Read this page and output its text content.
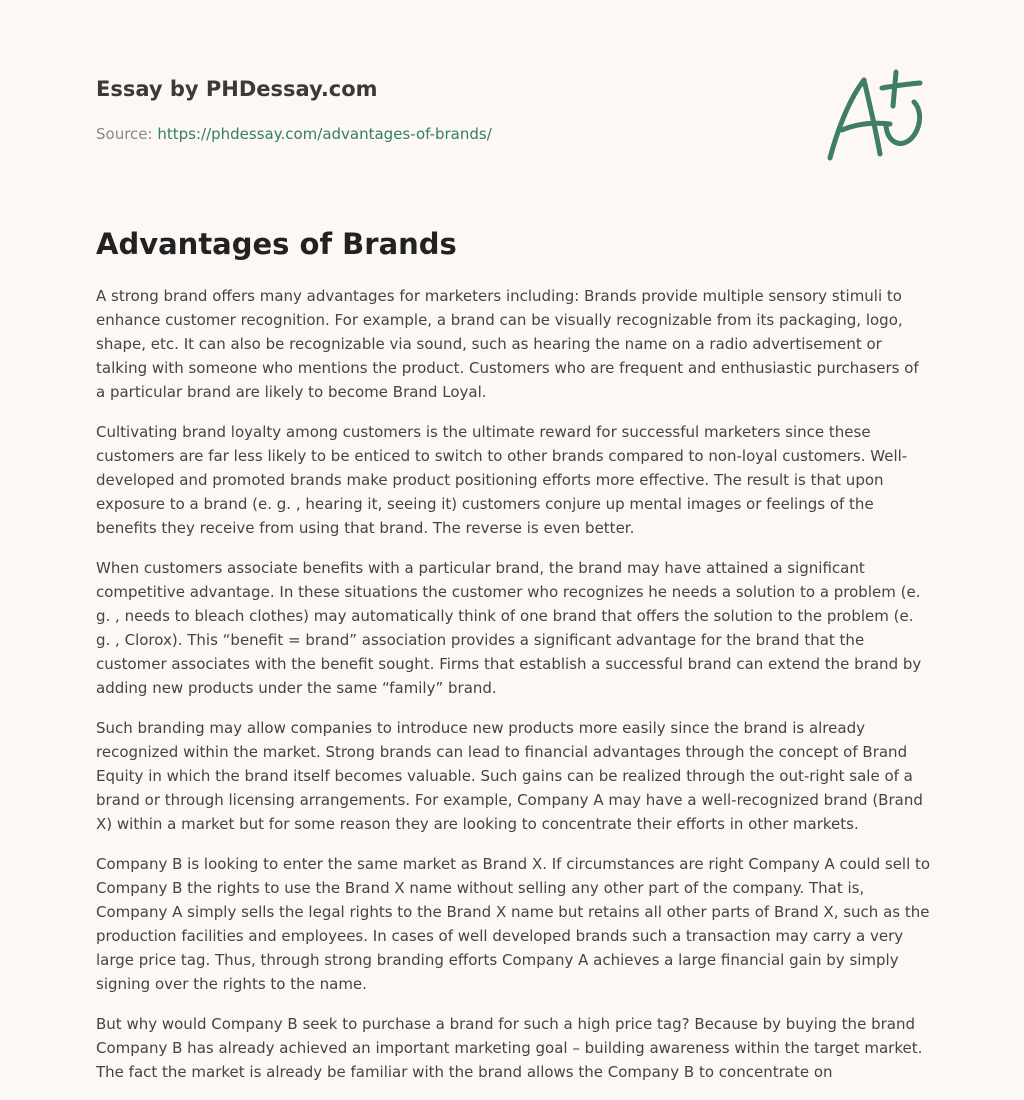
Essay by PHDessay.com
Source: https://phdessay.com/advantages-of-brands/
Advantages of Brands

A strong brand offers many advantages for marketers including: Brands provide multiple sensory stimuli to enhance customer recognition. For example, a brand can be visually recognizable from its packaging, logo, shape, etc. It can also be recognizable via sound, such as hearing the name on a radio advertisement or talking with someone who mentions the product. Customers who are frequent and enthusiastic purchasers of a particular brand are likely to become Brand Loyal.

Cultivating brand loyalty among customers is the ultimate reward for successful marketers since these customers are far less likely to be enticed to switch to other brands compared to non-loyal customers. Well-developed and promoted brands make product positioning efforts more effective. The result is that upon exposure to a brand (e. g. , hearing it, seeing it) customers conjure up mental images or feelings of the benefits they receive from using that brand. The reverse is even better.

When customers associate benefits with a particular brand, the brand may have attained a significant competitive advantage. In these situations the customer who recognizes he needs a solution to a problem (e. g. , needs to bleach clothes) may automatically think of one brand that offers the solution to the problem (e. g. , Clorox). This “benefit = brand” association provides a significant advantage for the brand that the customer associates with the benefit sought. Firms that establish a successful brand can extend the brand by adding new products under the same “family” brand.

Such branding may allow companies to introduce new products more easily since the brand is already recognized within the market. Strong brands can lead to financial advantages through the concept of Brand Equity in which the brand itself becomes valuable. Such gains can be realized through the out-right sale of a brand or through licensing arrangements. For example, Company A may have a well-recognized brand (Brand X) within a market but for some reason they are looking to concentrate their efforts in other markets.

Company B is looking to enter the same market as Brand X. If circumstances are right Company A could sell to Company B the rights to use the Brand X name without selling any other part of the company. That is, Company A simply sells the legal rights to the Brand X name but retains all other parts of Brand X, such as the production facilities and employees. In cases of well developed brands such a transaction may carry a very large price tag. Thus, through strong branding efforts Company A achieves a large financial gain by simply signing over the rights to the name.

But why would Company B seek to purchase a brand for such a high price tag? Because by buying the brand Company B has already achieved an important marketing goal – building awareness within the target market. The fact the market is already be familiar with the brand allows the Company B to concentrate on
